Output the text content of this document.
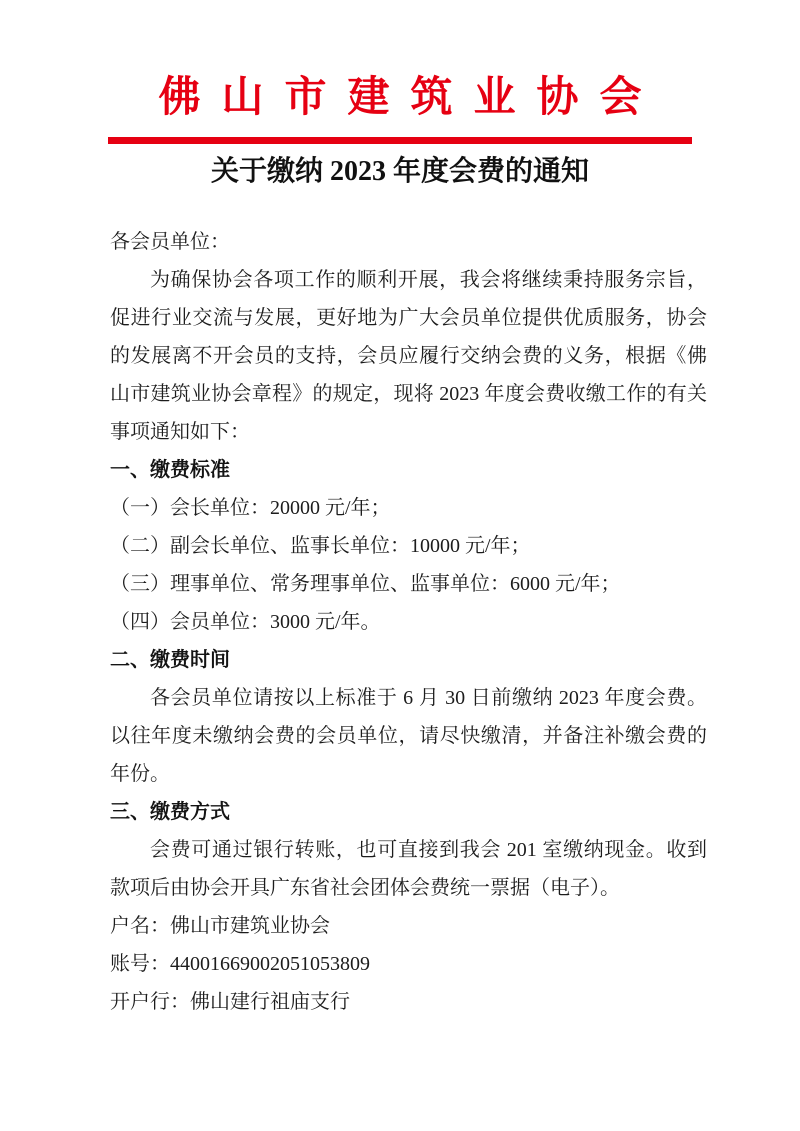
佛山市建筑业协会
关于缴纳 2023 年度会费的通知

各会员单位：

为确保协会各项工作的顺利开展，我会将继续秉持服务宗旨，促进行业交流与发展，更好地为广大会员单位提供优质服务，协会的发展离不开会员的支持，会员应履行交纳会费的义务，根据《佛山市建筑业协会章程》的规定，现将 2023 年度会费收缴工作的有关事项通知如下：

一、缴费标准

（一）会长单位：20000 元/年；

（二）副会长单位、监事长单位：10000 元/年；

（三）理事单位、常务理事单位、监事单位：6000 元/年；

（四）会员单位：3000 元/年。

二、缴费时间

各会员单位请按以上标准于 6 月 30 日前缴纳 2023 年度会费。以往年度未缴纳会费的会员单位，请尽快缴清，并备注补缴会费的年份。

三、缴费方式

会费可通过银行转账，也可直接到我会 201 室缴纳现金。收到款项后由协会开具广东省社会团体会费统一票据（电子）。

户名：佛山市建筑业协会

账号：44001669002051053809

开户行：佛山建行祖庙支行
